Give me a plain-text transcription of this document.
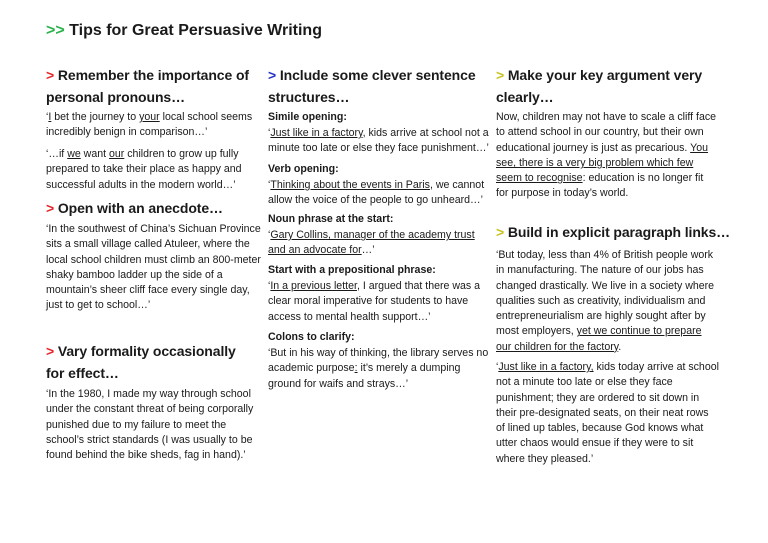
>> Tips for Great Persuasive Writing
> Remember the importance of
personal pronouns…
‘I bet the journey to your local school seems
incredibly benign in comparison…’
‘…if we want our children to grow up fully
prepared to take their place as happy and
successful adults in the modern world…’
> Open with an anecdote…
‘In the southwest of China’s Sichuan Province
sits a small village called Atuleer, where the
local school children must climb an 800-meter
shaky bamboo ladder up the side of a
mountain’s sheer cliff face every single day,
just to get to school…’
> Vary formality occasionally
for effect…
‘In the 1980, I made my way through school
under the constant threat of being corporally
punished due to my failure to meet the
school’s strict standards (I was usually to be
found behind the bike sheds, fag in hand).’
> Include some clever sentence
structures…
Simile opening:
‘Just like in a factory, kids arrive at school not a
minute too late or else they face punishment…’
Verb opening:
‘Thinking about the events in Paris, we cannot
allow the voice of the people to go unheard…’
Noun phrase at the start:
‘Gary Collins, manager of the academy trust
and an advocate for…’
Start with a prepositional phrase:
‘In a previous letter, I argued that there was a
clear moral imperative for students to have
access to mental health support…’
Colons to clarify:
‘But in his way of thinking, the library serves no
academic purpose: it’s merely a dumping
ground for waifs and strays…’
> Make your key argument very
clearly…
Now, children may not have to scale a cliff face
to attend school in our country, but their own
educational journey is just as precarious. You
see, there is a very big problem which few
seem to recognise: education is no longer fit
for purpose in today’s world.
> Build in explicit paragraph links…
‘But today, less than 4% of British people work
in manufacturing. The nature of our jobs has
changed drastically. We live in a society where
qualities such as creativity, individualism and
entrepreneurialism are highly sought after by
most employers, yet we continue to prepare
our children for the factory.
‘Just like in a factory, kids today arrive at school
not a minute too late or else they face
punishment; they are ordered to sit down in
their pre-designated seats, on their neat rows
of lined up tables, because God knows what
utter chaos would ensue if they were to sit
where they pleased.’
